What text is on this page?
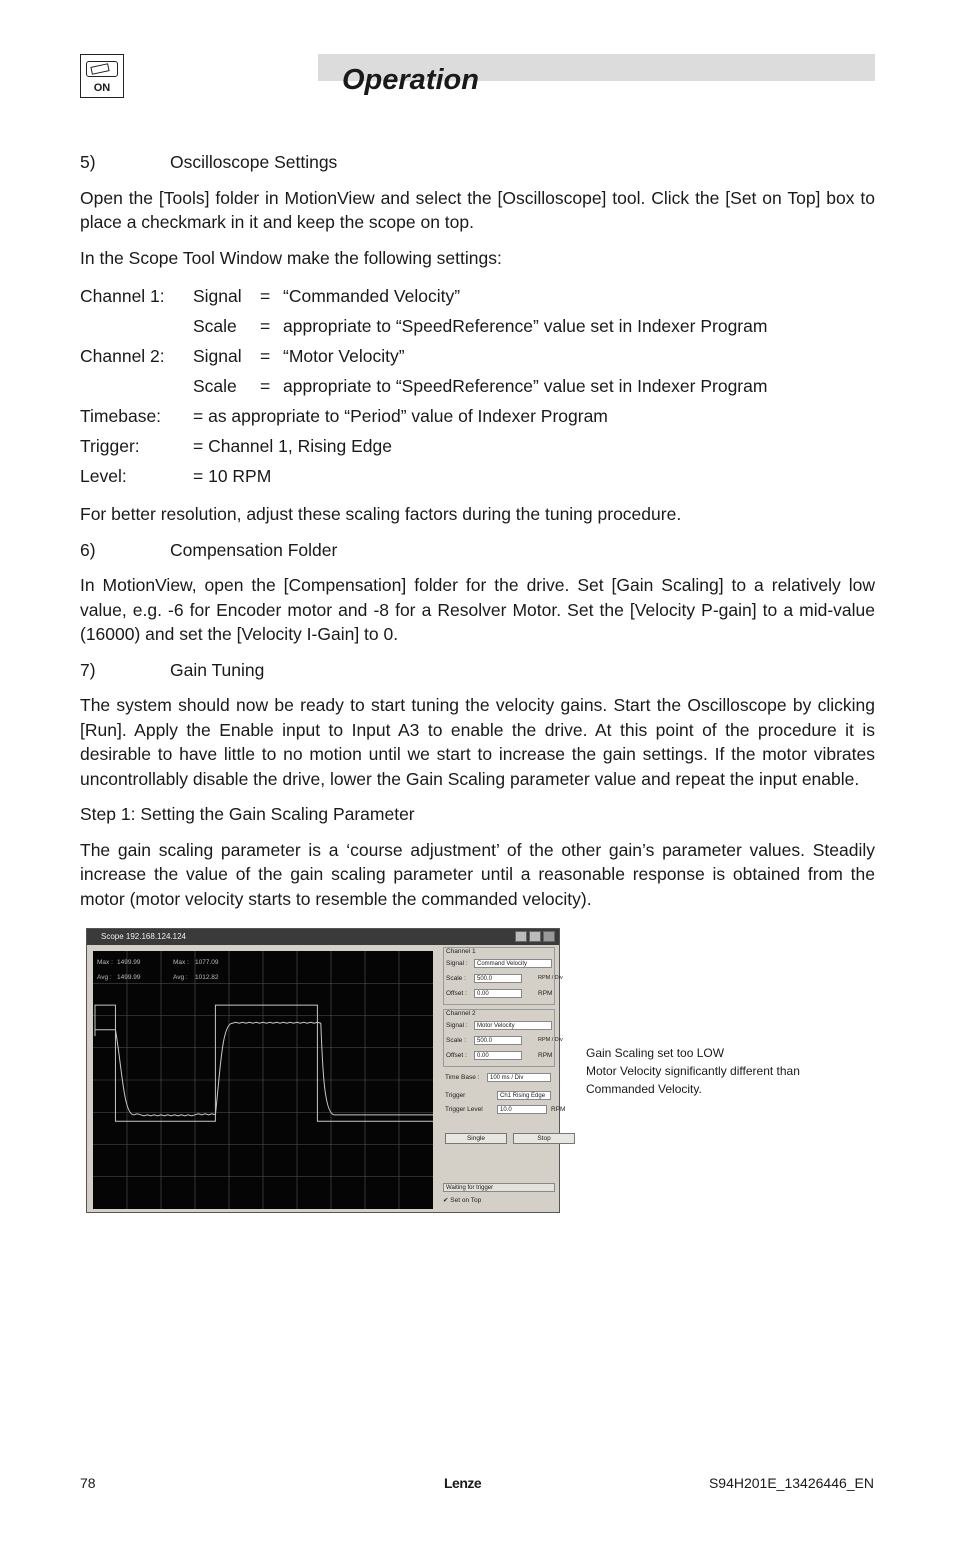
ON	Operation
5)	Oscilloscope Settings

Open the [Tools] folder in MotionView and select the [Oscilloscope] tool. Click the [Set on Top] box to place a checkmark in it and keep the scope on top.

In the Scope Tool Window make the following settings:

Channel 1:	Signal	= “Commanded Velocity”
Scale	= appropriate to “SpeedReference” value set in Indexer Program
Channel 2:	Signal	= “Motor Velocity”
Scale	= appropriate to “SpeedReference” value set in Indexer Program
Timebase:	= as appropriate to “Period” value of Indexer Program
Trigger:	= Channel 1, Rising Edge
Level:	= 10 RPM

For better resolution, adjust these scaling factors during the tuning procedure.

6)	Compensation Folder

In MotionView, open the [Compensation] folder for the drive. Set [Gain Scaling] to a relatively low value, e.g. -6 for Encoder motor and -8 for a Resolver Motor. Set the [Velocity P-gain] to a mid-value (16000) and set the [Velocity I-Gain] to 0.

7)	Gain Tuning

The system should now be ready to start tuning the velocity gains. Start the Oscilloscope by clicking [Run]. Apply the Enable input to Input A3 to enable the drive. At this point of the procedure it is desirable to have little to no motion until we start to increase the gain settings. If the motor vibrates uncontrollably disable the drive, lower the Gain Scaling parameter value and repeat the input enable.

Step 1: Setting the Gain Scaling Parameter

The gain scaling parameter is a ‘course adjustment’ of the other gain’s parameter values. Steadily increase the value of the gain scaling parameter until a reasonable response is obtained from the motor (motor velocity starts to resemble the commanded velocity).

Scope 192.168.124.124
Max : 1499.99
Avg : 1499.99
Max : 1077.09
Avg : 1012.82
Channel 1
Signal :	Command Velocity
Scale :	500.0	RPM / Div
Offset :	0.00	RPM
Channel 2
Signal :	Motor Velocity
Scale :	500.0	RPM / Div
Offset :	0.00	RPM
Time Base :	100 ms / Div
Trigger	Ch1 Rising Edge
Trigger Level	10.0	RPM
Single	Stop
Waiting for trigger
✔ Set on Top
Gain Scaling set too LOW
Motor Velocity significantly different than
Commanded Velocity.
78	Lenze	S94H201E_13426446_EN
